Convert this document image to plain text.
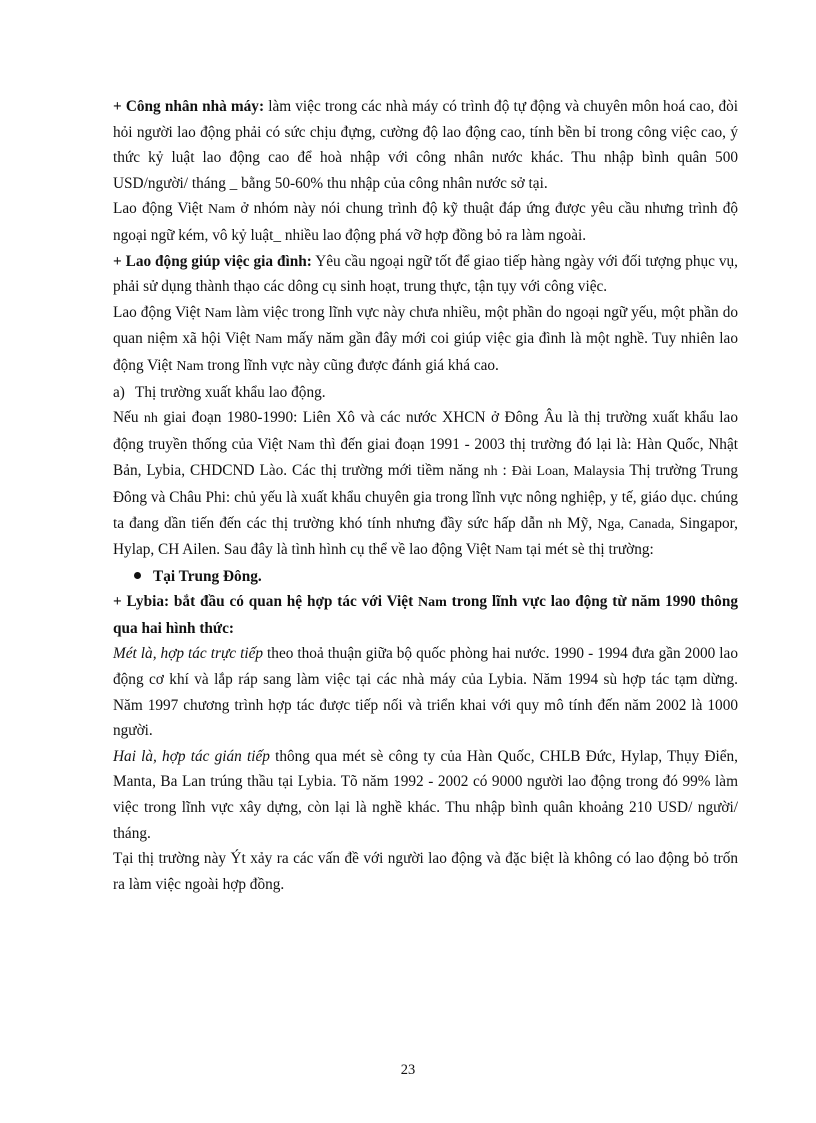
+ Công nhân nhà máy: làm việc trong các nhà máy có trình độ tự động và chuyên môn hoá cao, đòi hỏi người lao động phải có sức chịu đựng, cường độ lao động cao, tính bền bỉ trong công việc cao, ý thức kỷ luật lao động cao để hoà nhập với công nhân nước khác. Thu nhập bình quân 500 USD/người/ tháng _ bằng 50-60% thu nhập của công nhân nước sở tại.

Lao động Việt Nam ở nhóm này nói chung trình độ kỹ thuật đáp ứng được yêu cầu nhưng trình độ ngoại ngữ kém, vô kỷ luật_ nhiều lao động phá vỡ hợp đồng bỏ ra làm ngoài.

+ Lao động giúp việc gia đình: Yêu cầu ngoại ngữ tốt để giao tiếp hàng ngày với đối tượng phục vụ, phải sử dụng thành thạo các dông cụ sinh hoạt, trung thực, tận tụy với công việc.

Lao động Việt Nam làm việc trong lĩnh vực này chưa nhiều, một phần do ngoại ngữ yếu, một phần do quan niệm xã hội Việt Nam mấy năm gần đây mới coi giúp việc gia đình là một nghề. Tuy nhiên lao động Việt Nam trong lĩnh vực này cũng được đánh giá khá cao.

a) Thị trường xuất khẩu lao động.

Nếu nh giai đoạn 1980-1990: Liên Xô và các nước XHCN ở Đông Âu là thị trường xuất khẩu lao động truyền thống của Việt Nam thì đến giai đoạn 1991 - 2003 thị trường đó lại là: Hàn Quốc, Nhật Bản, Lybia, CHDCND Lào. Các thị trường mới tiềm năng nh : Đài Loan, Malaysia Thị trường Trung Đông và Châu Phi: chủ yếu là xuất khẩu chuyên gia trong lĩnh vực nông nghiệp, y tế, giáo dục. chúng ta đang dần tiến đến các thị trường khó tính nhưng đầy sức hấp dẫn nh Mỹ, Nga, Canada, Singapor, Hylap, CH Ailen. Sau đây là tình hình cụ thể về lao động Việt Nam tại mét sè thị trường:

Tại Trung Đông.

+ Lybia: bắt đầu có quan hệ hợp tác với Việt Nam trong lĩnh vực lao động từ năm 1990 thông qua hai hình thức:

Mét là, hợp tác trực tiếp theo thoả thuận giữa bộ quốc phòng hai nước. 1990 - 1994 đưa gần 2000 lao động cơ khí và lắp ráp sang làm việc tại các nhà máy của Lybia. Năm 1994 sù hợp tác tạm dừng. Năm 1997 chương trình hợp tác được tiếp nối và triển khai với quy mô tính đến năm 2002 là 1000 người.

Hai là, hợp tác gián tiếp thông qua mét sè công ty của Hàn Quốc, CHLB Đức, Hylap, Thụy Điển, Manta, Ba Lan trúng thầu tại Lybia. Tõ năm 1992 - 2002 có 9000 người lao động trong đó 99% làm việc trong lĩnh vực xây dựng, còn lại là nghề khác. Thu nhập bình quân khoảng 210 USD/ người/ tháng.

Tại thị trường này Ýt xảy ra các vấn đề với người lao động và đặc biệt là không có lao động bỏ trốn ra làm việc ngoài hợp đồng.

23
